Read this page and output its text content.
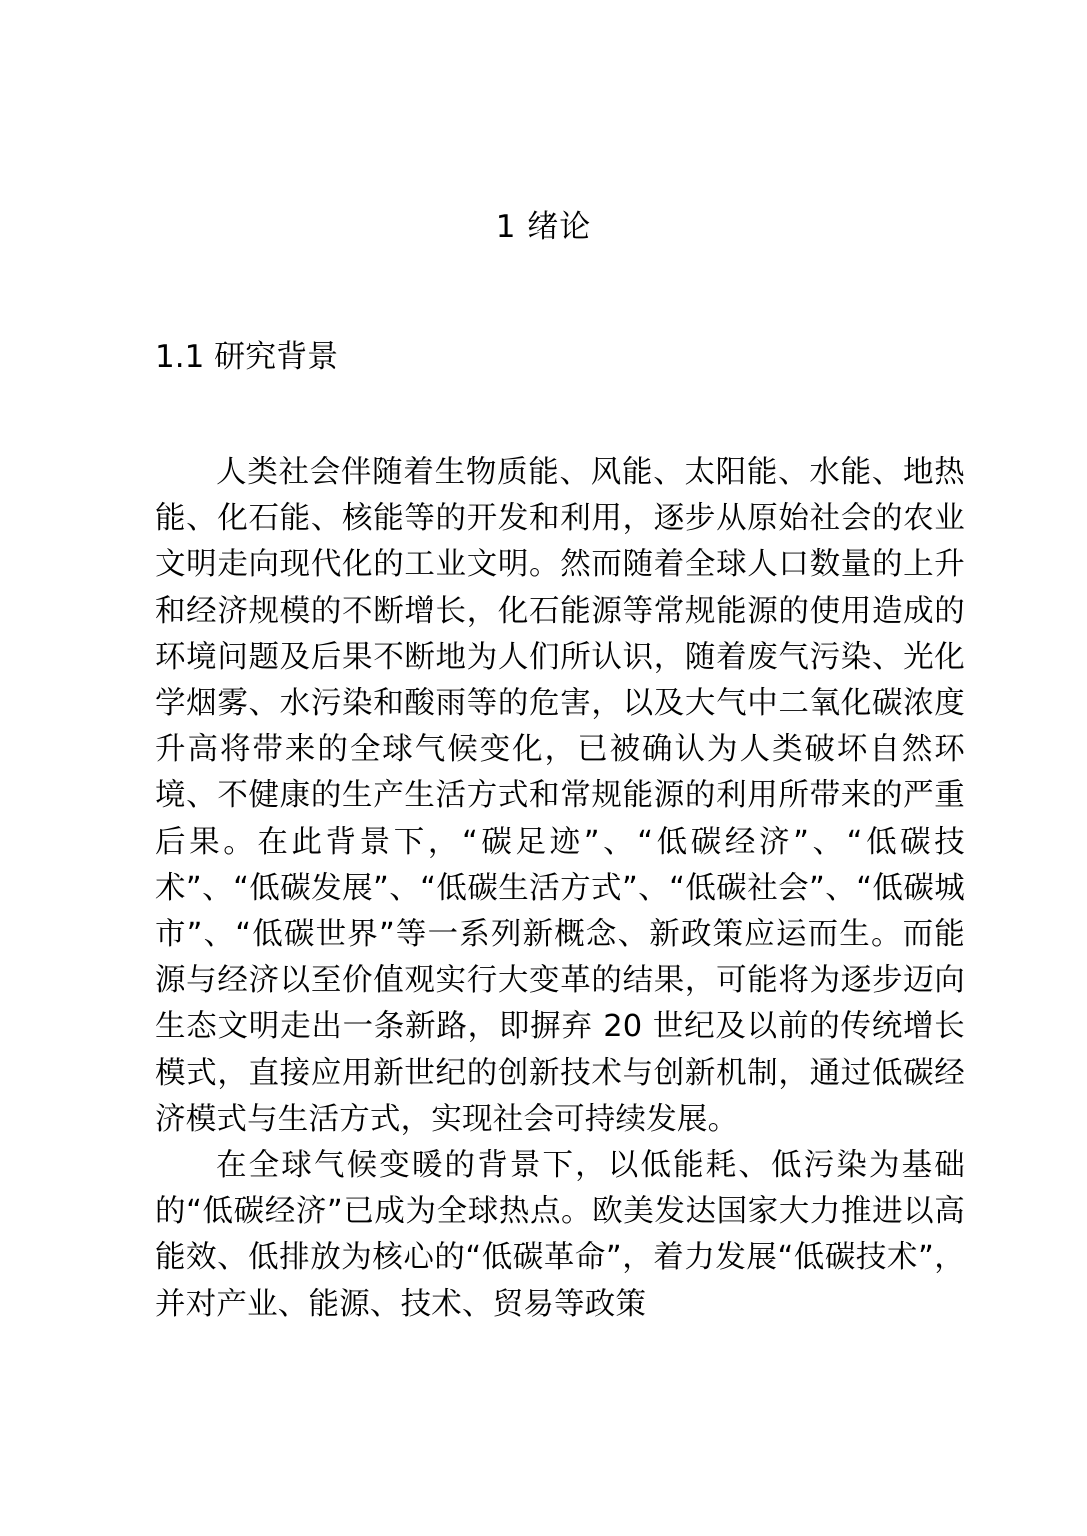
1 绪论
1.1 研究背景

人类社会伴随着生物质能、风能、太阳能、水能、地热能、化石能、核能等的开发和利用，逐步从原始社会的农业文明走向现代化的工业文明。然而随着全球人口数量的上升和经济规模的不断增长，化石能源等常规能源的使用造成的环境问题及后果不断地为人们所认识，随着废气污染、光化学烟雾、水污染和酸雨等的危害，以及大气中二氧化碳浓度升高将带来的全球气候变化，已被确认为人类破坏自然环境、不健康的生产生活方式和常规能源的利用所带来的严重后果。在此背景下，“碳足迹”、“低碳经济”、“低碳技术”、“低碳发展”、“低碳生活方式”、“低碳社会”、“低碳城市”、“低碳世界”等一系列新概念、新政策应运而生。而能源与经济以至价值观实行大变革的结果，可能将为逐步迈向生态文明走出一条新路，即摒弃 20 世纪及以前的传统增长模式，直接应用新世纪的创新技术与创新机制，通过低碳经济模式与生活方式，实现社会可持续发展。

在全球气候变暖的背景下，以低能耗、低污染为基础的“低碳经济”已成为全球热点。欧美发达国家大力推进以高能效、低排放为核心的“低碳革命”，着力发展“低碳技术”，并对产业、能源、技术、贸易等政策
